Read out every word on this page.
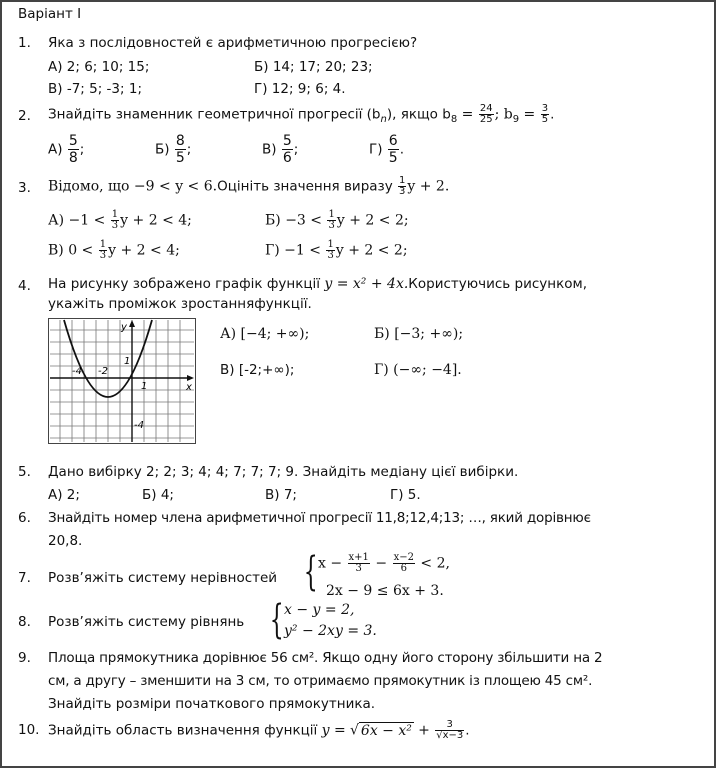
Варіант І
1. Яка з послідовностей є арифметичною прогресією?
А) 2; 6; 10; 15;	Б) 14; 17; 20; 23;
В) -7; 5; -3; 1;	Г) 12; 9; 6; 4.
2. Знайдіть знаменник геометричної прогресії $(b_n)$, якщо $b_8 = \frac{24}{25}$ ; $b_9 = \frac{3}{5}$ .
$А) \frac{5}{8}$ ;	$Б) \frac{8}{5}$ ;	$В) \frac{5}{6}$ ;	$Г) \frac{6}{5}$ .
3. Відомо, що −9 < y < 6.Оцініть значення виразу $\frac{1}{3}$ y + 2.
$А) -1 < \frac{1}{3}$ y + 2 < 4;	$Б) -3 < \frac{1}{3}$ y + 2 < 2;
В) $0 < \frac{1}{3}$ y + 2 < 4;	$Г) -1 < \frac{1}{3}$ y + 2 < 2;
4. На рисунку зображено графік функції y = x² + 4x.Користуючись рисунком,
укажіть проміжок зростанняфункції.
-4 -2
1
y
1
-4
x
А) [−4; +∞);	Б) [−3; +∞);
В) [-2;+∞);	Г) (−∞; −4].
5. Дано вибірку 2; 2; 3; 4; 4; 7; 7; 7; 9. Знайдіть медіану цієї вибірки.
А) 2;	Б) 4;	В) 7;	Г) 5.
6. Знайдіть номер члена арифметичної прогресії 11,8;12,4;13; …, який дорівнює
20,8.
7. Розв’яжіть систему нерівностей { $x - \frac{x+1}{3} - \frac{x-2}{6} < 2$,
2x − 9 ≤ 6x + 3.
8. Розв’яжіть систему рівнянь { x − y = 2,
y² − 2xy = 3.
9. Площа прямокутника дорівнює 56 см². Якщо одну його сторону збільшити на 2
см, а другу – зменшити на 3 см, то отримаємо прямокутник із площею 45 см².
Знайдіть розміри початкового прямокутника.
10. Знайдіть область визначення функції y = √ $6x - x^2 + \frac{3}{√x-3}$ .
